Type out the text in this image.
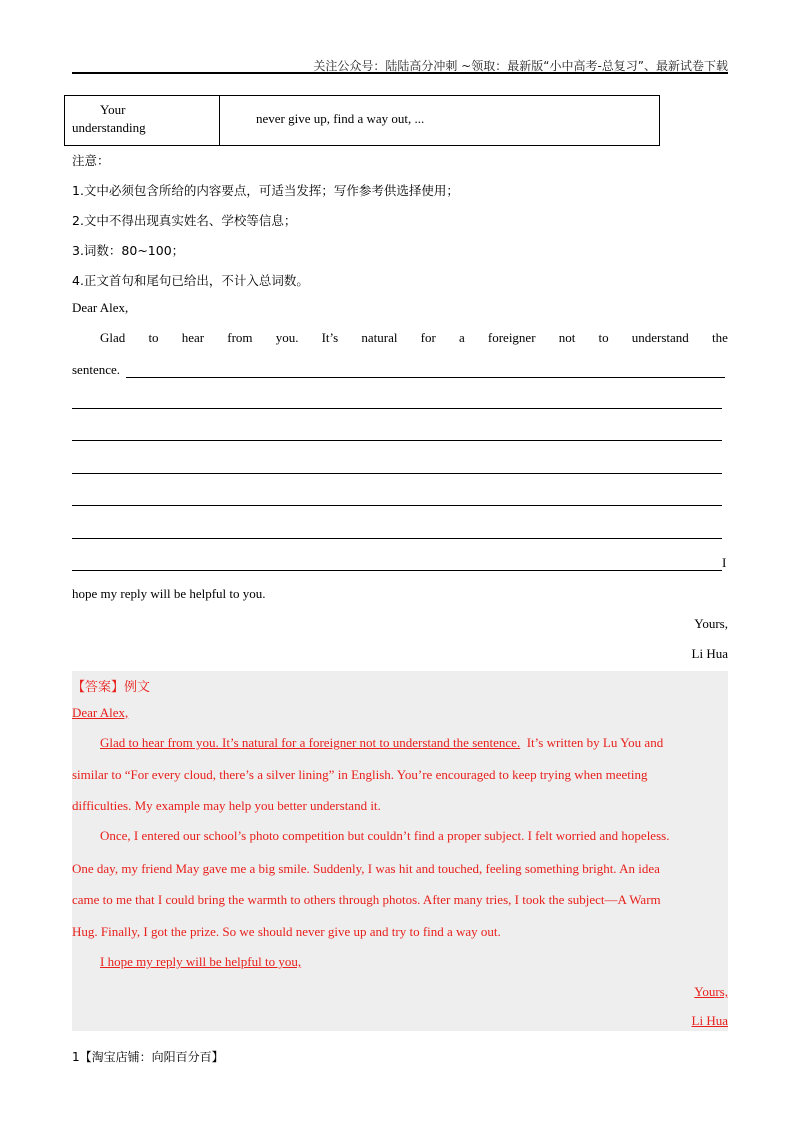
关注公众号：陆陆高分冲刺 ~领取：最新版“小中高考-总复习”、最新试卷下载
Your
understanding
never give up, find a way out, ...
注意：
1.文中必须包含所给的内容要点，可适当发挥；写作参考供选择使用；
2.文中不得出现真实姓名、学校等信息；
3.词数：80~100；
4.正文首句和尾句已给出，不计入总词数。
Dear Alex,
Glad to hear from you. It’s natural for a foreigner not to understand the
sentence.
I
hope my reply will be helpful to you.
Yours,
Li Hua
【答案】例文
Dear Alex,
Glad to hear from you. It’s natural for a foreigner not to understand the sentence. It’s written by Lu You and
similar to “For every cloud, there’s a silver lining” in English. You’re encouraged to keep trying when meeting
difficulties. My example may help you better understand it.
Once, I entered our school’s photo competition but couldn’t find a proper subject. I felt worried and hopeless.
One day, my friend May gave me a big smile. Suddenly, I was hit and touched, feeling something bright. An idea
came to me that I could bring the warmth to others through photos. After many tries, I took the subject—A Warm
Hug. Finally, I got the prize. So we should never give up and try to find a way out.
I hope my reply will be helpful to you,
Yours,
Li Hua
1【淘宝店铺：向阳百分百】
